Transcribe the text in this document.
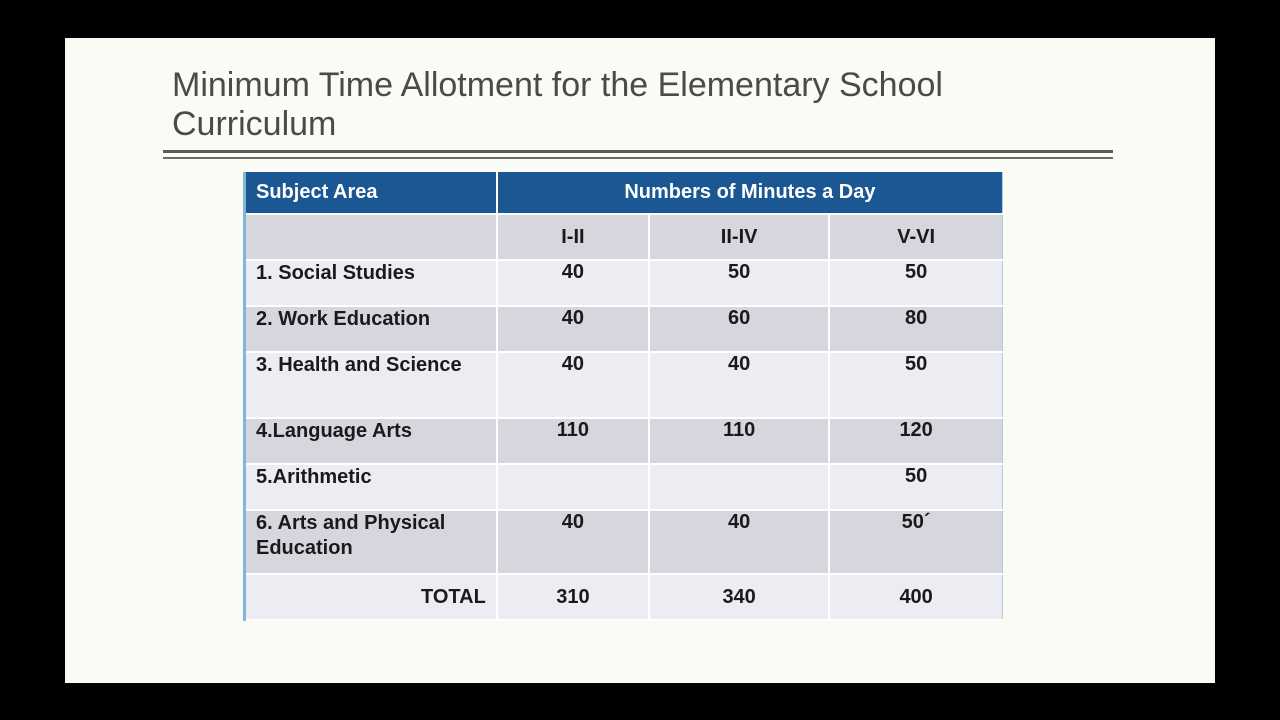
Minimum Time Allotment for the Elementary School Curriculum
Subject Area	Numbers of Minutes a Day		
	I-II	II-IV	V-VI
1. Social Studies	40	50	50
2. Work Education	40	60	80
3. Health and Science	40	40	50
4.Language Arts	110	110	120
5.Arithmetic			50
6. Arts and Physical Education	40	40	50´
TOTAL	310	340	400
